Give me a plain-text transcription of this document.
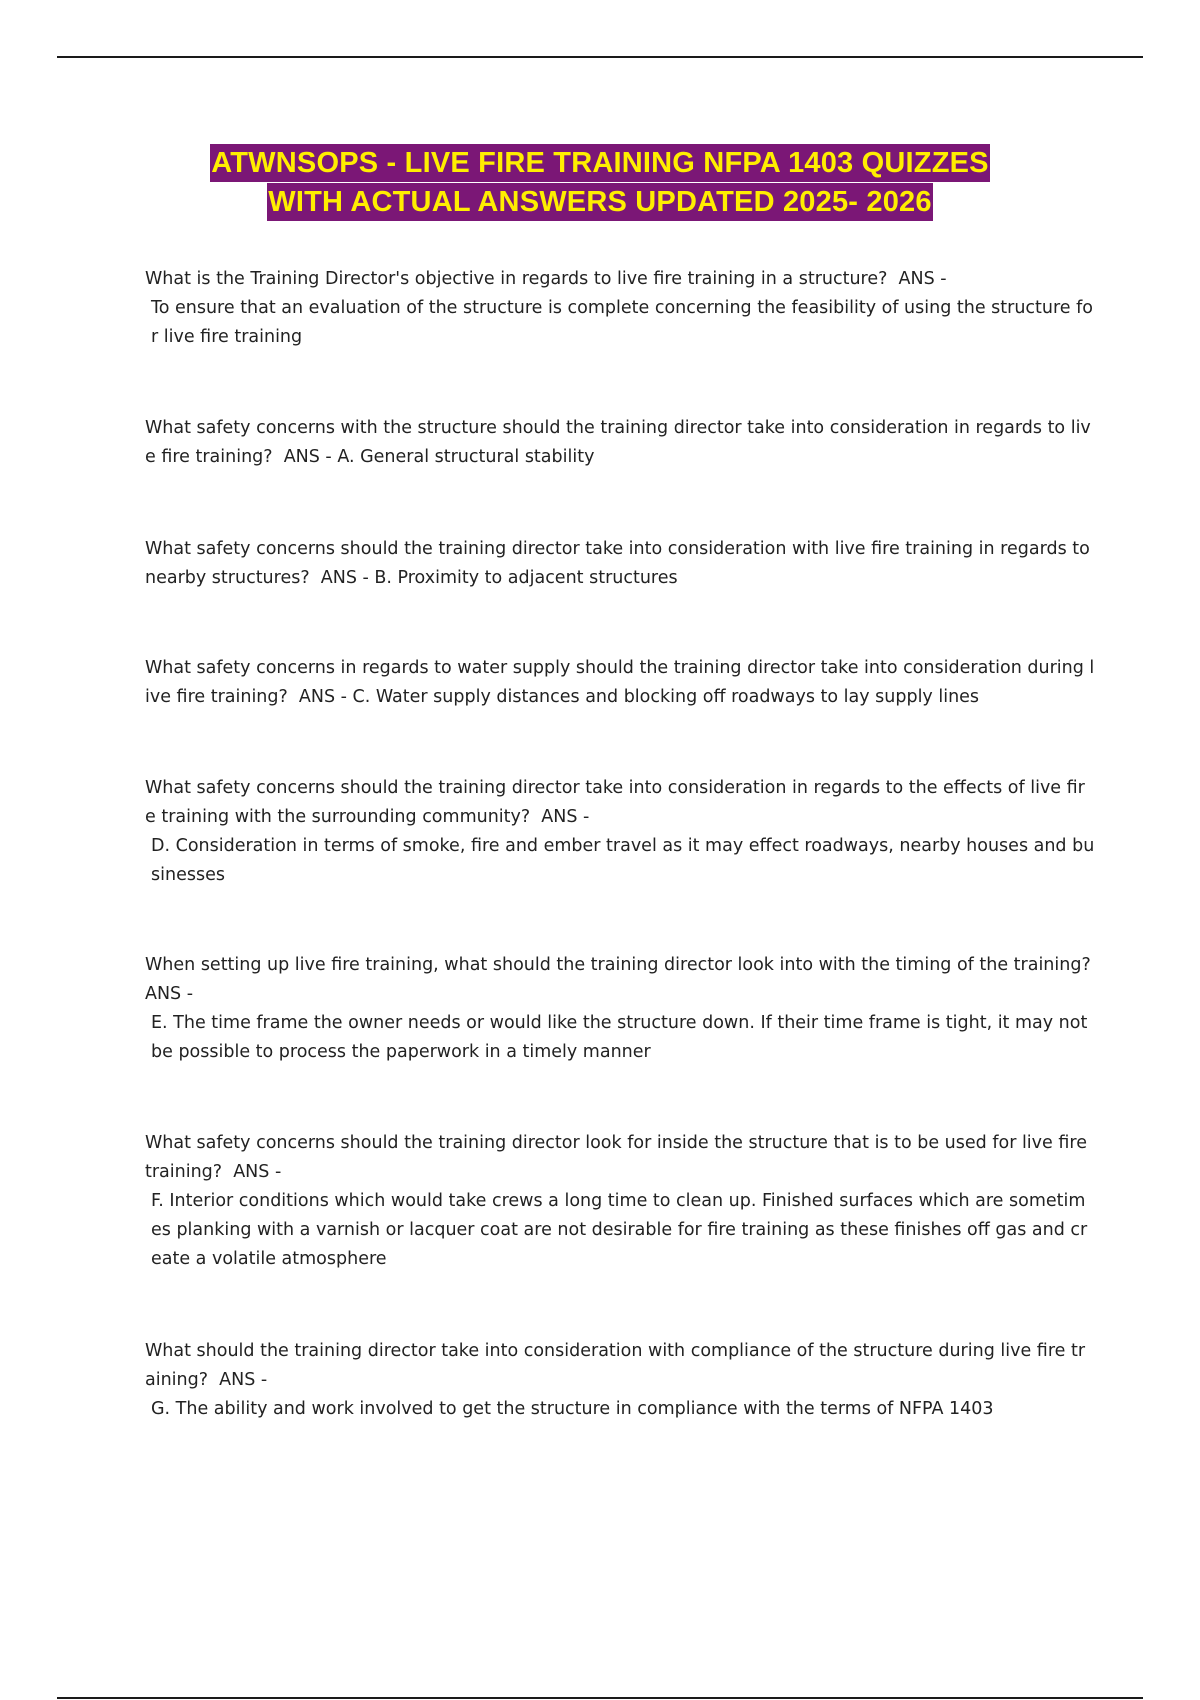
ATWNSOPS - LIVE FIRE TRAINING NFPA 1403 QUIZZES
WITH ACTUAL ANSWERS UPDATED 2025- 2026

What is the Training Director's objective in regards to live fire training in a structure?  ANS -
To ensure that an evaluation of the structure is complete concerning the feasibility of using the structure for live fire training

What safety concerns with the structure should the training director take into consideration in regards to live fire training?  ANS - A. General structural stability

What safety concerns should the training director take into consideration with live fire training in regards to nearby structures?  ANS - B. Proximity to adjacent structures

What safety concerns in regards to water supply should the training director take into consideration during live fire training?  ANS - C. Water supply distances and blocking off roadways to lay supply lines

What safety concerns should the training director take into consideration in regards to the effects of live fire training with the surrounding community?  ANS -
D. Consideration in terms of smoke, fire and ember travel as it may effect roadways, nearby houses and businesses

When setting up live fire training, what should the training director look into with the timing of the training?  ANS -
E. The time frame the owner needs or would like the structure down. If their time frame is tight, it may not be possible to process the paperwork in a timely manner

What safety concerns should the training director look for inside the structure that is to be used for live fire training?  ANS -
F. Interior conditions which would take crews a long time to clean up. Finished surfaces which are sometimes planking with a varnish or lacquer coat are not desirable for fire training as these finishes off gas and create a volatile atmosphere

What should the training director take into consideration with compliance of the structure during live fire training?  ANS -
G. The ability and work involved to get the structure in compliance with the terms of NFPA 1403
